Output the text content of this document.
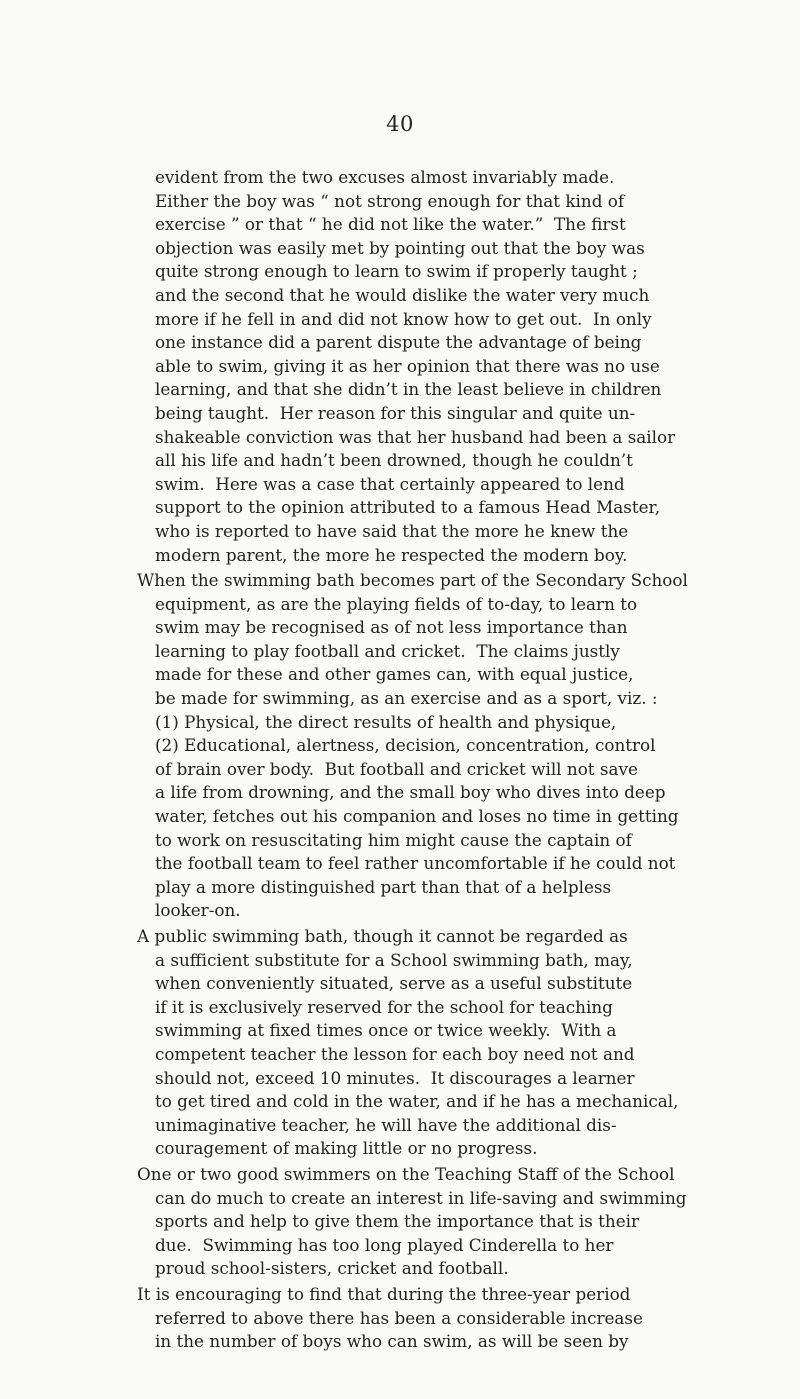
40
evident from the two excuses almost invariably made.
Either the boy was “ not strong enough for that kind of
exercise ” or that “ he did not like the water.”  The first
objection was easily met by pointing out that the boy was
quite strong enough to learn to swim if properly taught ;
and the second that he would dislike the water very much
more if he fell in and did not know how to get out.  In only
one instance did a parent dispute the advantage of being
able to swim, giving it as her opinion that there was no use
learning, and that she didn’t in the least believe in children
being taught.  Her reason for this singular and quite un-
shakeable conviction was that her husband had been a sailor
all his life and hadn’t been drowned, though he couldn’t
swim.  Here was a case that certainly appeared to lend
support to the opinion attributed to a famous Head Master,
who is reported to have said that the more he knew the
modern parent, the more he respected the modern boy.
When the swimming bath becomes part of the Secondary School
equipment, as are the playing fields of to-day, to learn to
swim may be recognised as of not less importance than
learning to play football and cricket.  The claims justly
made for these and other games can, with equal justice,
be made for swimming, as an exercise and as a sport, viz. :
(1) Physical, the direct results of health and physique,
(2) Educational, alertness, decision, concentration, control
of brain over body.  But football and cricket will not save
a life from drowning, and the small boy who dives into deep
water, fetches out his companion and loses no time in getting
to work on resuscitating him might cause the captain of
the football team to feel rather uncomfortable if he could not
play a more distinguished part than that of a helpless
looker-on.
A public swimming bath, though it cannot be regarded as
a sufficient substitute for a School swimming bath, may,
when conveniently situated, serve as a useful substitute
if it is exclusively reserved for the school for teaching
swimming at fixed times once or twice weekly.  With a
competent teacher the lesson for each boy need not and
should not, exceed 10 minutes.  It discourages a learner
to get tired and cold in the water, and if he has a mechanical,
unimaginative teacher, he will have the additional dis-
couragement of making little or no progress.
One or two good swimmers on the Teaching Staff of the School
can do much to create an interest in life-saving and swimming
sports and help to give them the importance that is their
due.  Swimming has too long played Cinderella to her
proud school-sisters, cricket and football.
It is encouraging to find that during the three-year period
referred to above there has been a considerable increase
in the number of boys who can swim, as will be seen by
